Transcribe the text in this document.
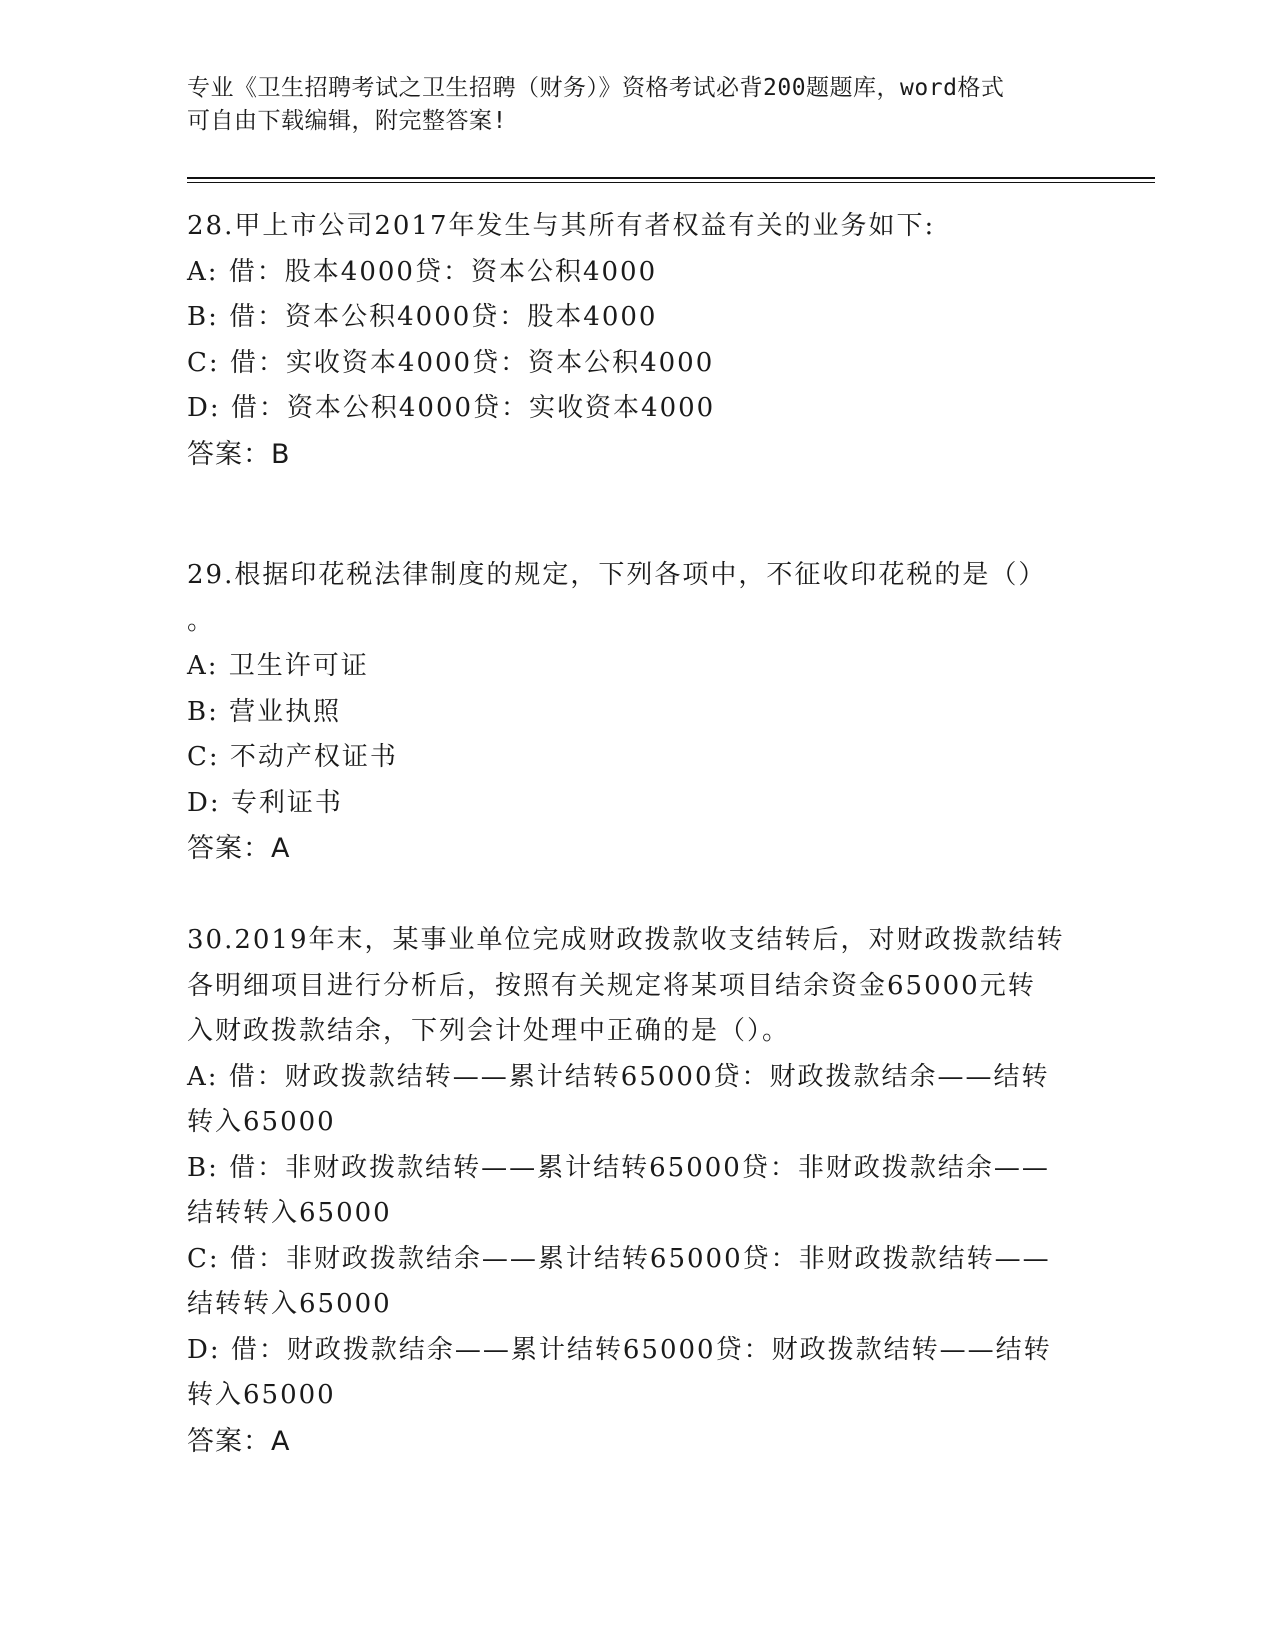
专业《卫生招聘考试之卫生招聘（财务）》资格考试必背200题题库，word格式
可自由下载编辑，附完整答案!
28.甲上市公司2017年发生与其所有者权益有关的业务如下:
A: 借：股本4000贷：资本公积4000
B: 借：资本公积4000贷：股本4000
C: 借：实收资本4000贷：资本公积4000
D: 借：资本公积4000贷：实收资本4000
答案：B
29.根据印花税法律制度的规定，下列各项中，不征收印花税的是（）
。
A: 卫生许可证
B: 营业执照
C: 不动产权证书
D: 专利证书
答案：A
30.2019年末，某事业单位完成财政拨款收支结转后，对财政拨款结转
各明细项目进行分析后，按照有关规定将某项目结余资金65000元转
入财政拨款结余，下列会计处理中正确的是（）。
A: 借：财政拨款结转——累计结转65000贷：财政拨款结余——结转
转入65000
B: 借：非财政拨款结转——累计结转65000贷：非财政拨款结余——
结转转入65000
C: 借：非财政拨款结余——累计结转65000贷：非财政拨款结转——
结转转入65000
D: 借：财政拨款结余——累计结转65000贷：财政拨款结转——结转
转入65000
答案：A
